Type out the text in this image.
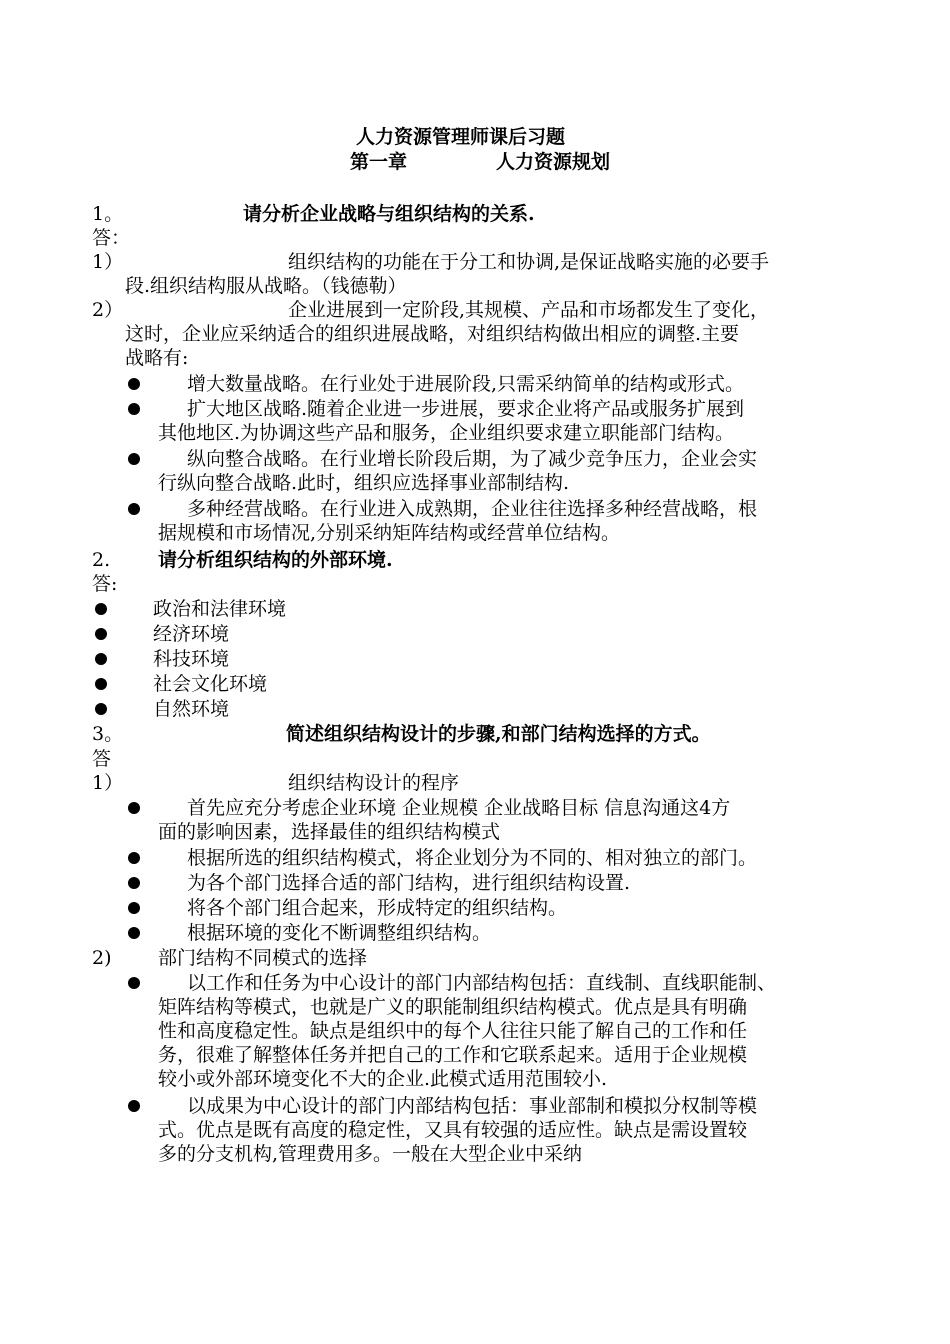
人力资源管理师课后习题
第一章	人力资源规划
1。	请分析企业战略与组织结构的关系.
答：
1）	组织结构的功能在于分工和协调,是保证战略实施的必要手
段.组织结构服从战略。（钱德勒）
2）	企业进展到一定阶段,其规模、产品和市场都发生了变化，
这时，企业应采纳适合的组织进展战略，对组织结构做出相应的调整.主要
战略有:
增大数量战略。在行业处于进展阶段,只需采纳简单的结构或形式。
扩大地区战略.随着企业进一步进展，要求企业将产品或服务扩展到
其他地区.为协调这些产品和服务，企业组织要求建立职能部门结构。
纵向整合战略。在行业增长阶段后期，为了减少竞争压力，企业会实
行纵向整合战略.此时，组织应选择事业部制结构.
多种经营战略。在行业进入成熟期，企业往往选择多种经营战略，根
据规模和市场情况,分别采纳矩阵结构或经营单位结构。
2.	请分析组织结构的外部环境.
答:
政治和法律环境
经济环境
科技环境
社会文化环境
自然环境
3。	简述组织结构设计的步骤,和部门结构选择的方式。
答
1）	组织结构设计的程序
首先应充分考虑企业环境 企业规模 企业战略目标 信息沟通这4方
面的影响因素，选择最佳的组织结构模式
根据所选的组织结构模式，将企业划分为不同的、相对独立的部门。
为各个部门选择合适的部门结构，进行组织结构设置.
将各个部门组合起来，形成特定的组织结构。
根据环境的变化不断调整组织结构。
2) 部门结构不同模式的选择
以工作和任务为中心设计的部门内部结构包括：直线制、直线职能制、
矩阵结构等模式，也就是广义的职能制组织结构模式。优点是具有明确
性和高度稳定性。缺点是组织中的每个人往往只能了解自己的工作和任
务，很难了解整体任务并把自己的工作和它联系起来。适用于企业规模
较小或外部环境变化不大的企业.此模式适用范围较小.
以成果为中心设计的部门内部结构包括：事业部制和模拟分权制等模
式。优点是既有高度的稳定性，又具有较强的适应性。缺点是需设置较
多的分支机构,管理费用多。一般在大型企业中采纳
